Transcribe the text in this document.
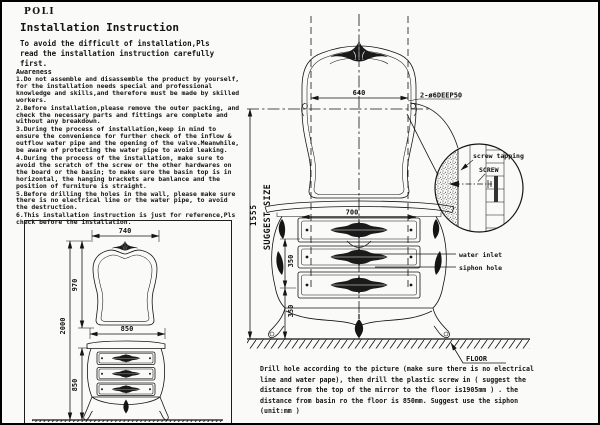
POLI
Installation Instruction
To avoid the difficult of installation,Pls
read the installation instruction carefully
first.
Awareness
1.Do not assemble and disassemble the product by yourself, for the installation needs special and professional knowledge and skills,and therefore must be made by skilled workers.
2.Before installation,please remove the outer packing, and check the necessary parts and fittings are complete and without any breakdown.
3.During the process of installation,keep in mind to ensure the convenience for further check of the inflow & outflow water pipe and the opening of the valve.Meanwhile, be aware of protecting the water pipe to avoid leaking.
4.During the process of the installation, make sure to avoid the scratch of the screw or the other hardwares on the board or the basin; to make sure the basin top is in horizontal, the hanging brackets are banlance and the position of furniture is straight.
5.Before drilling the holes in the wall, please make sure there is no electrical line or the water pipe, to avoid the destruction.
6.This installation instruction is just for reference,Pls check before the installation.
740
2000
970
850
850
640	2-ø6DEEP50
screw tapping
SCREW
700
1555 SUGGEST SIZE
350
350
water inlet
siphon hole
FLOOR
Drill hole according to the picture (make sure there is no electrical
line and water pape), then drill the plastic screw in ( suggest the
distance from the top of the mirror to the floor is1905mm ) . the
distance from basin ro the floor is 850mm. Suggest use the siphon
(unit:mm )
